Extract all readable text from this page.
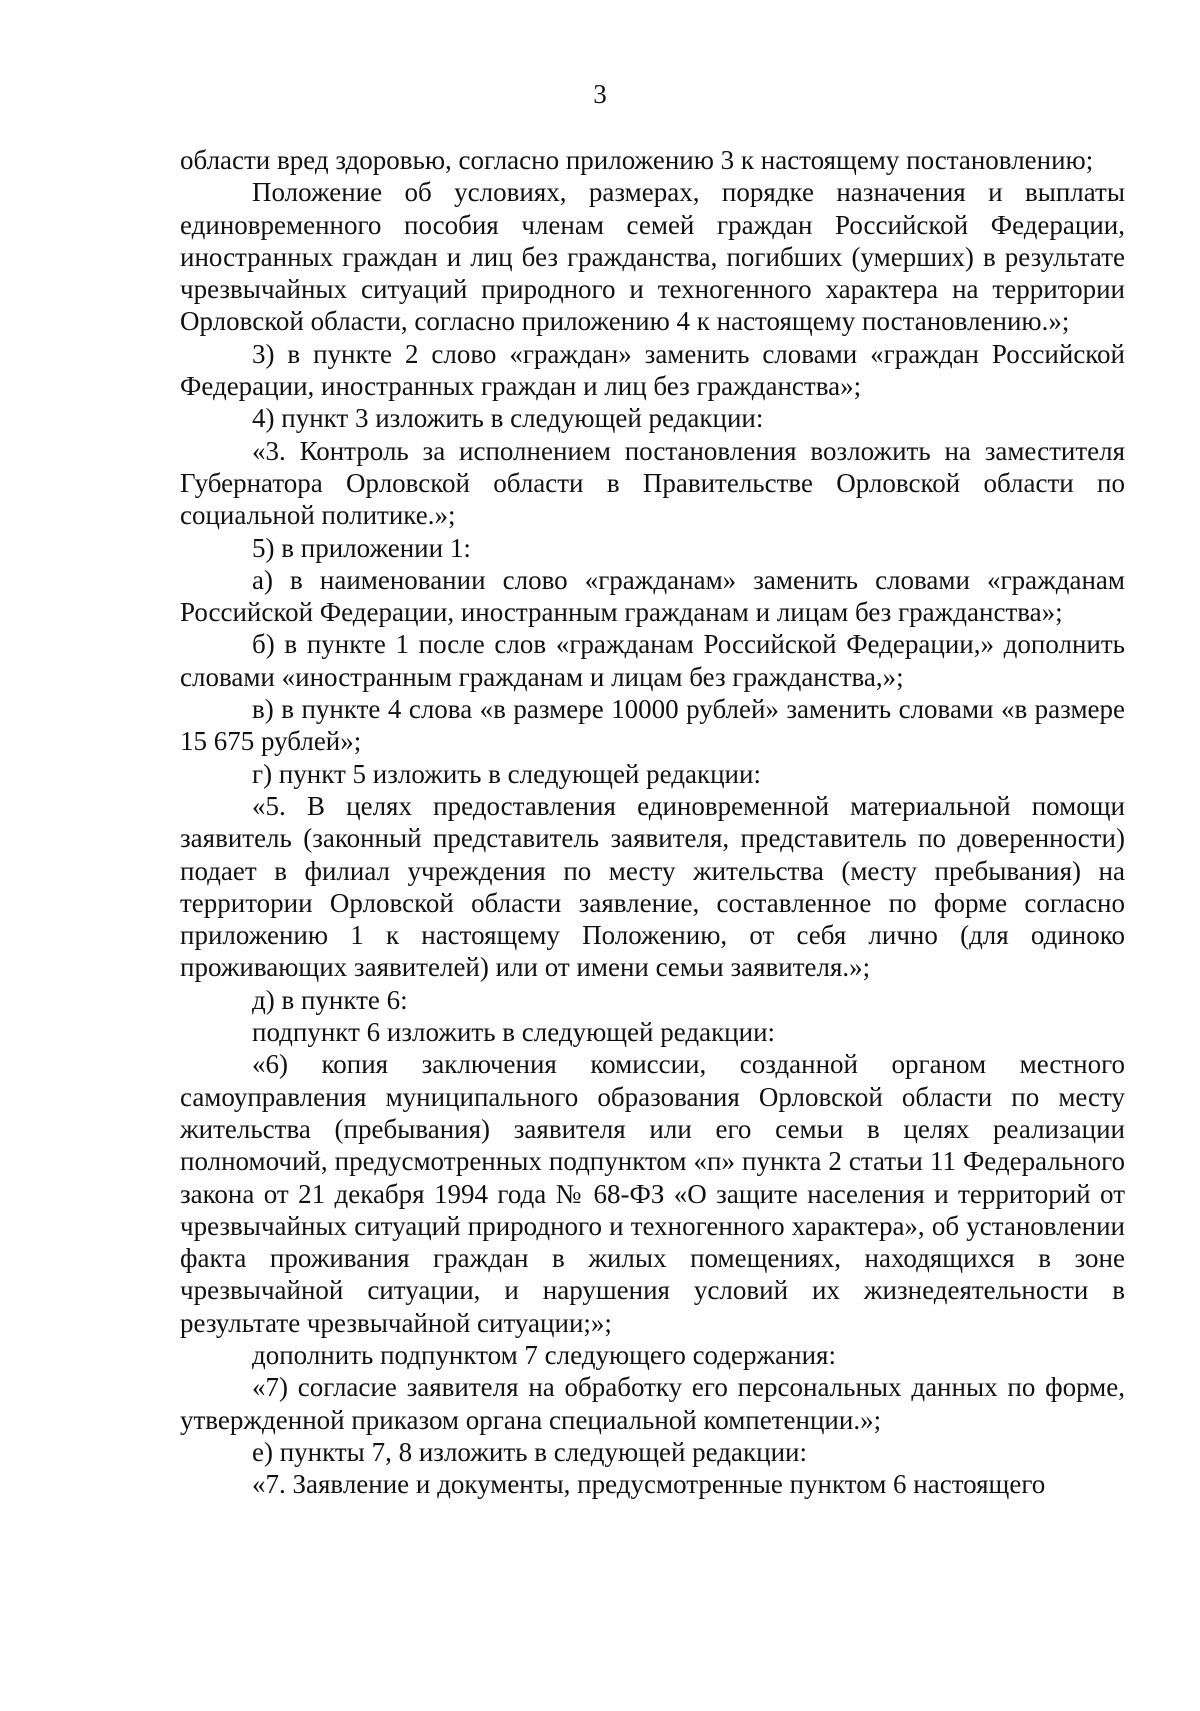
3

области вред здоровью, согласно приложению 3 к настоящему постановлению;

Положение об условиях, размерах, порядке назначения и выплаты единовременного пособия членам семей граждан Российской Федерации, иностранных граждан и лиц без гражданства, погибших (умерших) в результате чрезвычайных ситуаций природного и техногенного характера на территории Орловской области, согласно приложению 4 к настоящему постановлению.»;

3) в пункте 2 слово «граждан» заменить словами «граждан Российской Федерации, иностранных граждан и лиц без гражданства»;

4) пункт 3 изложить в следующей редакции:

«3. Контроль за исполнением постановления возложить на заместителя Губернатора Орловской области в Правительстве Орловской области по социальной политике.»;

5) в приложении 1:

а) в наименовании слово «гражданам» заменить словами «гражданам Российской Федерации, иностранным гражданам и лицам без гражданства»;

б) в пункте 1 после слов «гражданам Российской Федерации,» дополнить словами «иностранным гражданам и лицам без гражданства,»;

в) в пункте 4 слова «в размере 10000 рублей» заменить словами «в размере 15 675 рублей»;

г) пункт 5 изложить в следующей редакции:

«5. В целях предоставления единовременной материальной помощи заявитель (законный представитель заявителя, представитель по доверенности) подает в филиал учреждения по месту жительства (месту пребывания) на территории Орловской области заявление, составленное по форме согласно приложению 1 к настоящему Положению, от себя лично (для одиноко проживающих заявителей) или от имени семьи заявителя.»;

д) в пункте 6:

подпункт 6 изложить в следующей редакции:

«6) копия заключения комиссии, созданной органом местного самоуправления муниципального образования Орловской области по месту жительства (пребывания) заявителя или его семьи в целях реализации полномочий, предусмотренных подпунктом «п» пункта 2 статьи 11 Федерального закона от 21 декабря 1994 года № 68-ФЗ «О защите населения и территорий от чрезвычайных ситуаций природного и техногенного характера», об установлении факта проживания граждан в жилых помещениях, находящихся в зоне чрезвычайной ситуации, и нарушения условий их жизнедеятельности в результате чрезвычайной ситуации;»;

дополнить подпунктом 7 следующего содержания:

«7) согласие заявителя на обработку его персональных данных по форме, утвержденной приказом органа специальной компетенции.»;

е) пункты 7, 8 изложить в следующей редакции:

«7. Заявление и документы, предусмотренные пунктом 6 настоящего
